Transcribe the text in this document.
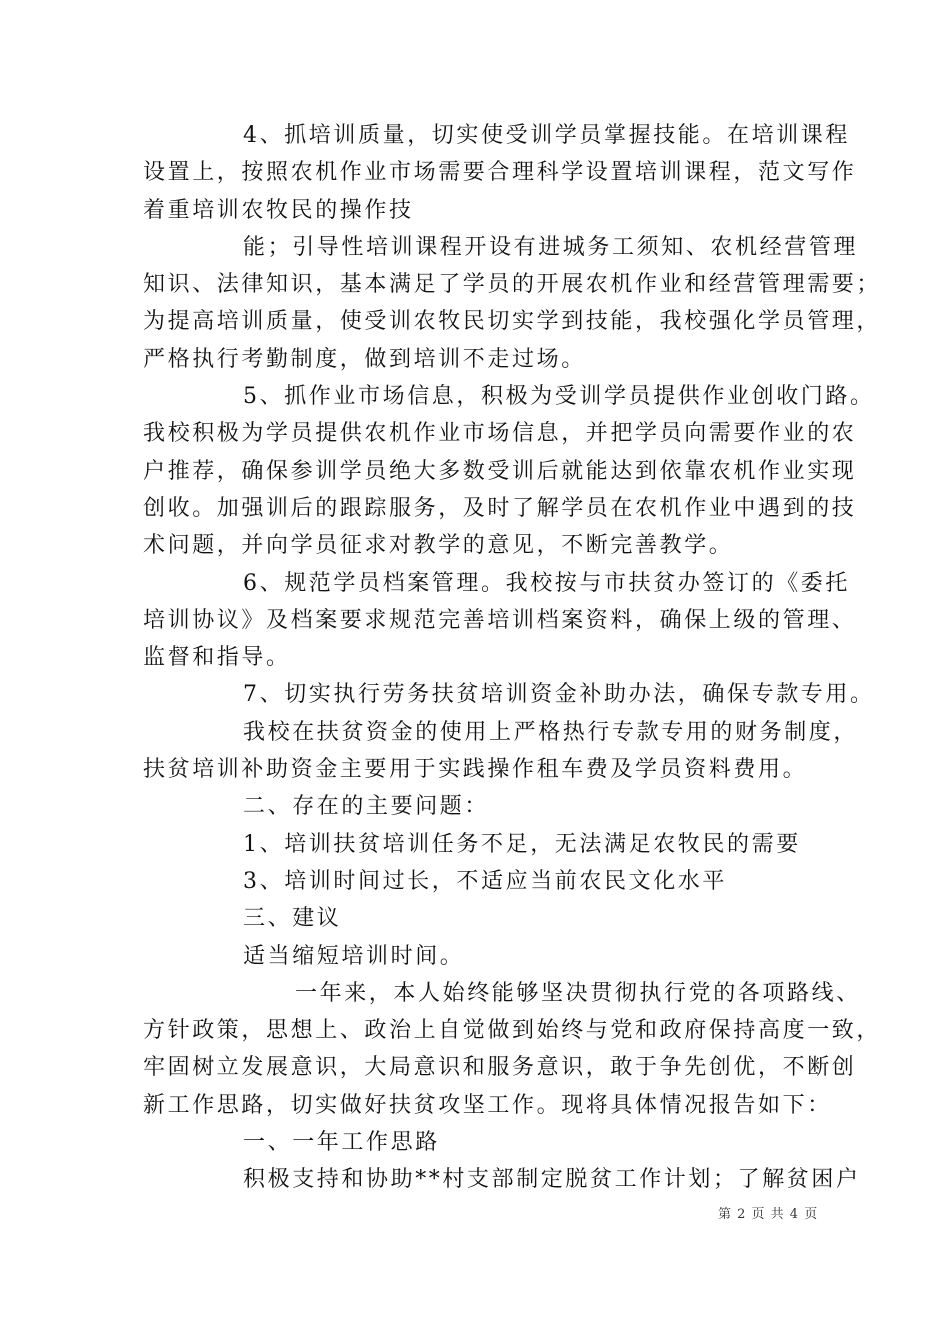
4、抓培训质量，切实使受训学员掌握技能。在培训课程
设置上，按照农机作业市场需要合理科学设置培训课程，范文写作
着重培训农牧民的操作技
能；引导性培训课程开设有进城务工须知、农机经营管理
知识、法律知识，基本满足了学员的开展农机作业和经营管理需要；
为提高培训质量，使受训农牧民切实学到技能，我校强化学员管理，
严格执行考勤制度，做到培训不走过场。
5、抓作业市场信息，积极为受训学员提供作业创收门路。
我校积极为学员提供农机作业市场信息，并把学员向需要作业的农
户推荐，确保参训学员绝大多数受训后就能达到依靠农机作业实现
创收。加强训后的跟踪服务，及时了解学员在农机作业中遇到的技
术问题，并向学员征求对教学的意见，不断完善教学。
6、规范学员档案管理。我校按与市扶贫办签订的《委托
培训协议》及档案要求规范完善培训档案资料，确保上级的管理、
监督和指导。
7、切实执行劳务扶贫培训资金补助办法，确保专款专用。
我校在扶贫资金的使用上严格热行专款专用的财务制度，
扶贫培训补助资金主要用于实践操作租车费及学员资料费用。
二、存在的主要问题：
1、培训扶贫培训任务不足，无法满足农牧民的需要
3、培训时间过长，不适应当前农民文化水平
三、建议
适当缩短培训时间。
一年来，本人始终能够坚决贯彻执行党的各项路线、
方针政策，思想上、政治上自觉做到始终与党和政府保持高度一致，
牢固树立发展意识，大局意识和服务意识，敢于争先创优，不断创
新工作思路，切实做好扶贫攻坚工作。现将具体情况报告如下：
一、一年工作思路
积极支持和协助**村支部制定脱贫工作计划；了解贫困户
第 2 页 共 4 页
